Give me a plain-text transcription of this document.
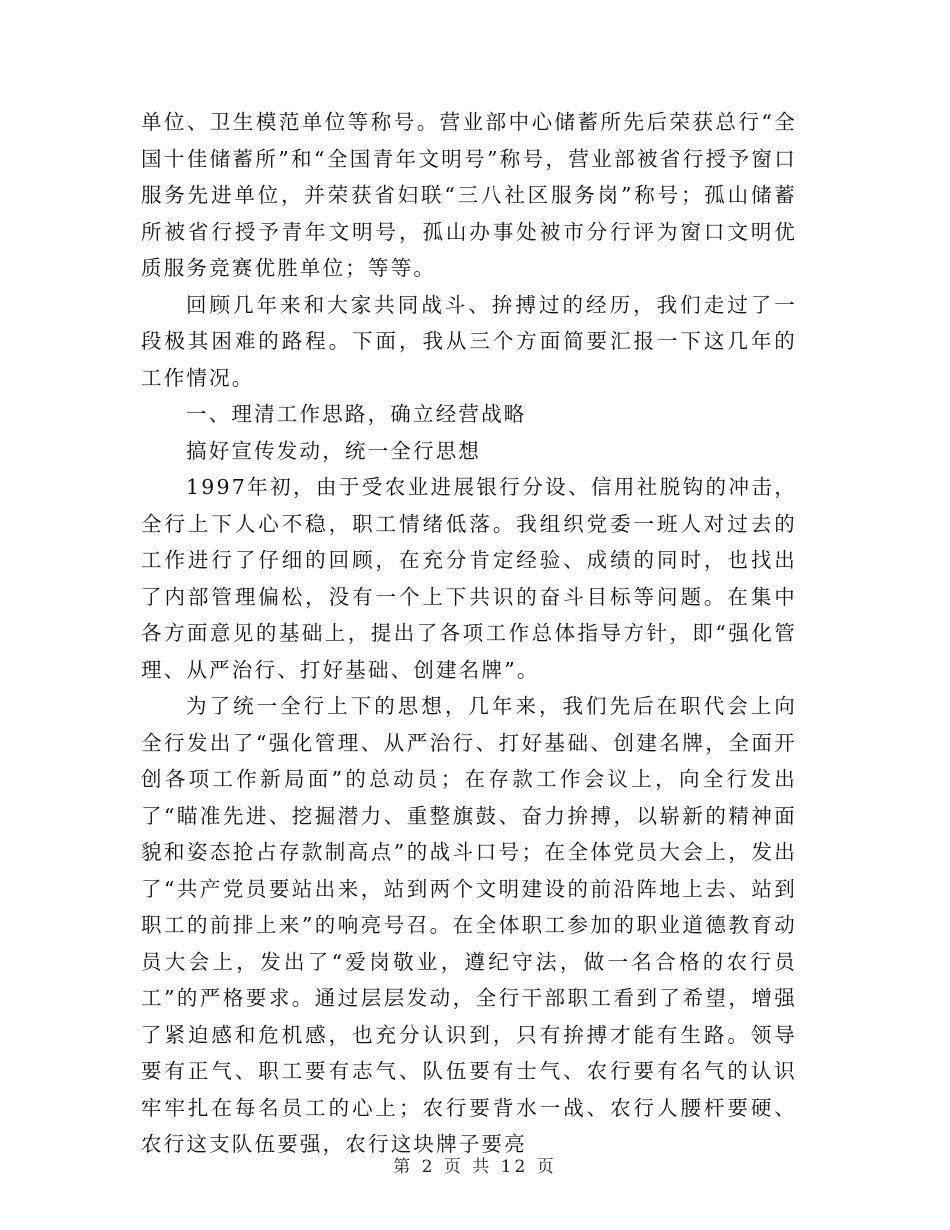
单位、卫生模范单位等称号。营业部中心储蓄所先后荣获总行“全国十佳储蓄所”和“全国青年文明号”称号，营业部被省行授予窗口服务先进单位，并荣获省妇联“三八社区服务岗”称号；孤山储蓄所被省行授予青年文明号，孤山办事处被市分行评为窗口文明优质服务竞赛优胜单位；等等。

回顾几年来和大家共同战斗、拚搏过的经历，我们走过了一段极其困难的路程。下面，我从三个方面简要汇报一下这几年的工作情况。

一、理清工作思路，确立经营战略

搞好宣传发动，统一全行思想

1997年初，由于受农业进展银行分设、信用社脱钩的冲击，全行上下人心不稳，职工情绪低落。我组织党委一班人对过去的工作进行了仔细的回顾，在充分肯定经验、成绩的同时，也找出了内部管理偏松，没有一个上下共识的奋斗目标等问题。在集中各方面意见的基础上，提出了各项工作总体指导方针，即“强化管理、从严治行、打好基础、创建名牌”。

为了统一全行上下的思想，几年来，我们先后在职代会上向全行发出了“强化管理、从严治行、打好基础、创建名牌，全面开创各项工作新局面”的总动员；在存款工作会议上，向全行发出了“瞄准先进、挖掘潜力、重整旗鼓、奋力拚搏，以崭新的精神面貌和姿态抢占存款制高点”的战斗口号；在全体党员大会上，发出了“共产党员要站出来，站到两个文明建设的前沿阵地上去、站到职工的前排上来”的响亮号召。在全体职工参加的职业道德教育动员大会上，发出了“爱岗敬业，遵纪守法，做一名合格的农行员工”的严格要求。通过层层发动，全行干部职工看到了希望，增强了紧迫感和危机感，也充分认识到，只有拚搏才能有生路。领导要有正气、职工要有志气、队伍要有士气、农行要有名气的认识牢牢扎在每名员工的心上；农行要背水一战、农行人腰杆要硬、农行这支队伍要强，农行这块牌子要亮

第 2 页 共 12 页
